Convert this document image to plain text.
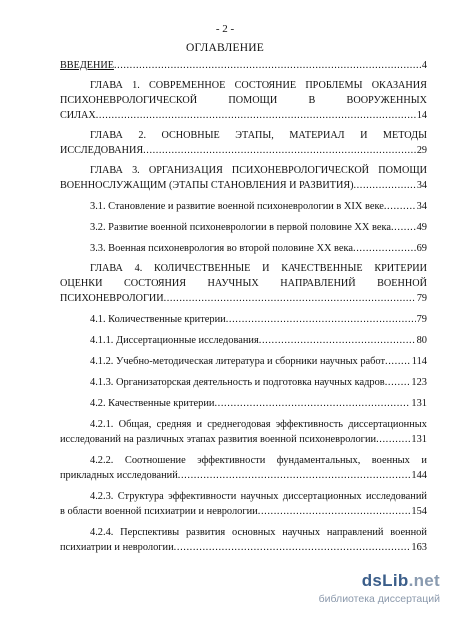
- 2 -
ОГЛАВЛЕНИЕ
ВВЕДЕНИЕ .....	4
ГЛАВА 1. СОВРЕМЕННОЕ СОСТОЯНИЕ ПРОБЛЕМЫ ОКАЗАНИЯ
ПСИХОНЕВРОЛОГИЧЕСКОЙ	ПОМОЩИ	В	ВООРУЖЕННЫХ
СИЛАХ .....	14
ГЛАВА 2. ОСНОВНЫЕ ЭТАПЫ, МАТЕРИАЛ И МЕТОДЫ
ИССЛЕДОВАНИЯ .....	29
ГЛАВА 3. ОРГАНИЗАЦИЯ ПСИХОНЕВРОЛОГИЧЕСКОЙ ПОМОЩИ
ВОЕННОСЛУЖАЩИМ (ЭТАПЫ СТАНОВЛЕНИЯ И РАЗВИТИЯ) .....	34
3.1. Становление и развитие военной психоневрологии в XIX веке .....	34
3.2. Развитие военной психоневрологии в первой половине XX века ..... 49
3.3. Военная психоневрология во второй половине XX века .....	69
ГЛАВА 4. КОЛИЧЕСТВЕННЫЕ И КАЧЕСТВЕННЫЕ КРИТЕРИИ
ОЦЕНКИ СОСТОЯНИЯ НАУЧНЫХ НАПРАВЛЕНИЙ ВОЕННОЙ
ПСИХОНЕВРОЛОГИИ .....	79
4.1. Количественные критерии .....	79
4.1.1. Диссертационные исследования .....	80
4.1.2. Учебно-методическая литература и сборники научных работ .....	114
4.1.3. Организаторская деятельность и подготовка научных кадров .....	123
4.2. Качественные критерии .....	131
4.2.1. Общая, средняя и среднегодовая эффективность диссертационных
исследований на различных этапах развития военной психоневрологии .....	131
4.2.2. Соотношение эффективности фундаментальных, военных и
прикладных исследований .....	144
4.2.3. Структура эффективности научных диссертационных исследований
в области военной психиатрии и неврологии .....	154
4.2.4. Перспективы развития основных научных направлений военной
психиатрии и неврологии .....	163
dsLib.net
библиотека диссертаций
